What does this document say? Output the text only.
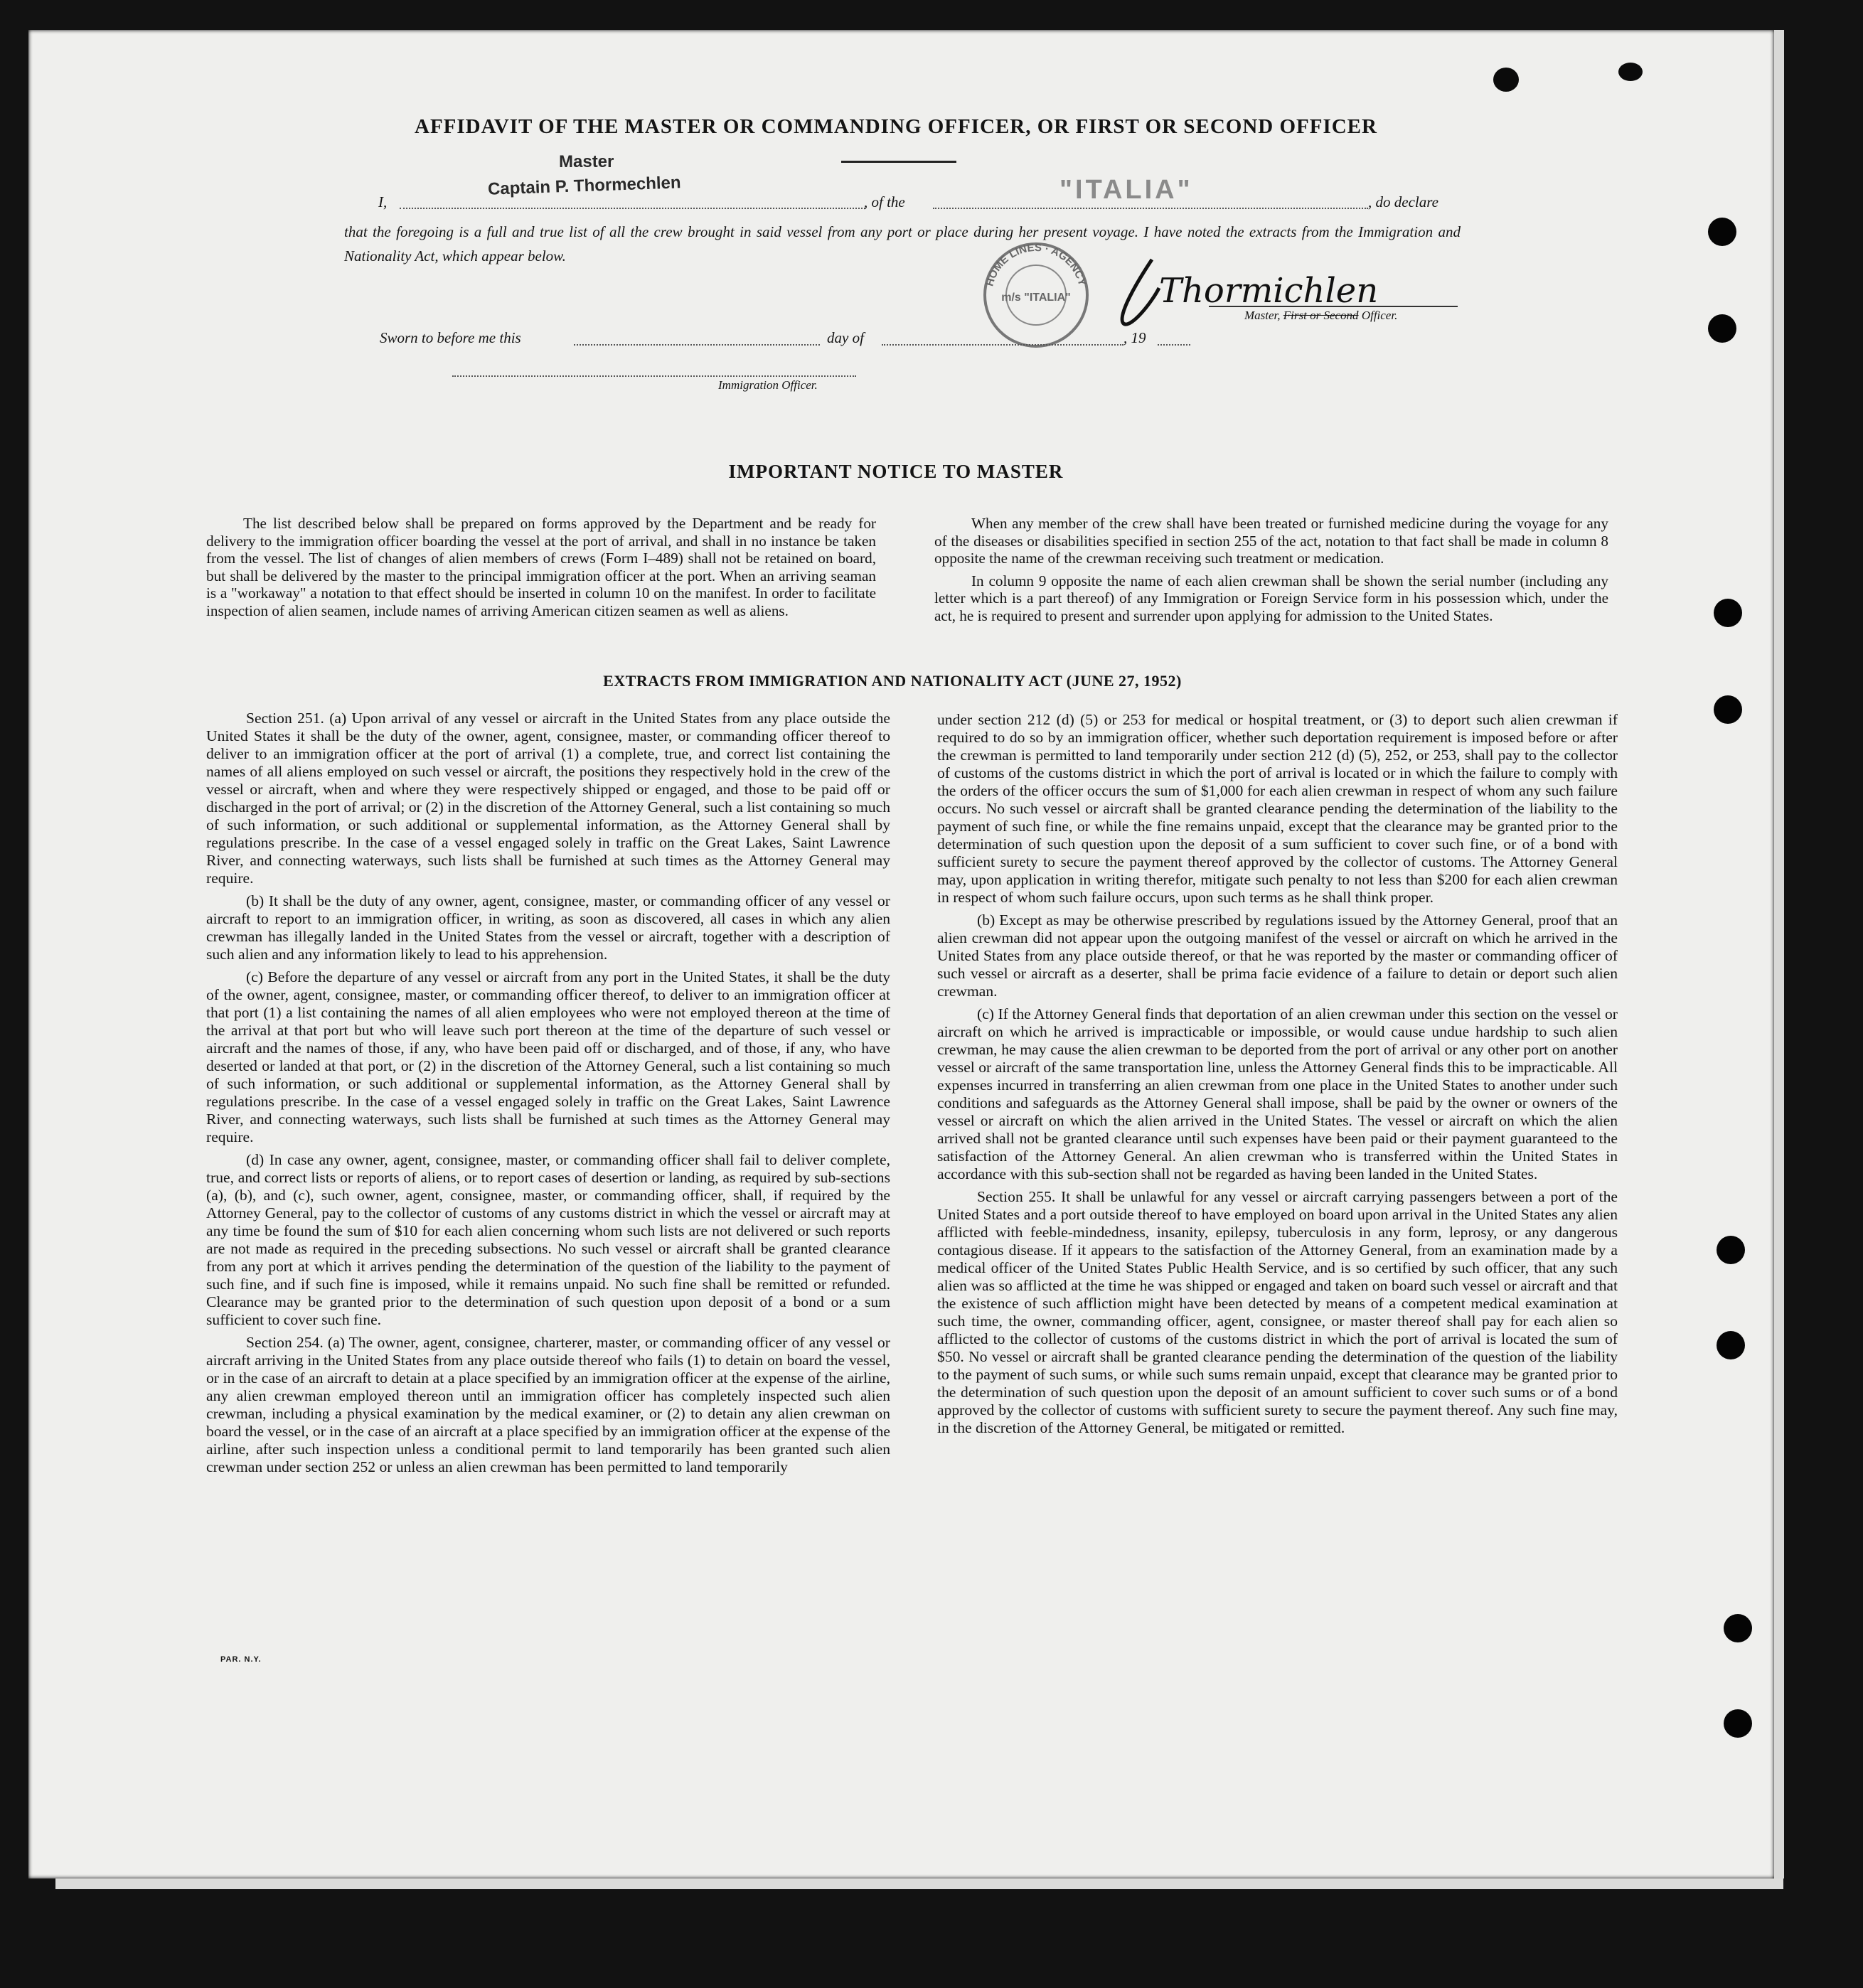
AFFIDAVIT OF THE MASTER OR COMMANDING OFFICER, OR FIRST OR SECOND OFFICER
I,
Master
Captain P. Thormechlen
, of the	"ITALIA"	, do declare
that the foregoing is a full and true list of all the crew brought in said vessel from any port or place during her present voyage. I have noted the extracts from the Immigration and Nationality Act, which appear below.
HOME LINES · AGENCY
m/s "ITALIA"	Thormichlen
Master, First or Second Officer.
Sworn to before me this	day of	, 19
Immigration Officer.
IMPORTANT NOTICE TO MASTER

The list described below shall be prepared on forms approved by the Department and be ready for delivery to the immigration officer boarding the vessel at the port of arrival, and shall in no instance be taken from the vessel. The list of changes of alien members of crews (Form I–489) shall not be retained on board, but shall be delivered by the master to the principal immigration officer at the port. When an arriving seaman is a "workaway" a notation to that effect should be inserted in column 10 on the manifest. In order to facilitate inspection of alien seamen, include names of arriving American citizen seamen as well as aliens.

When any member of the crew shall have been treated or furnished medicine during the voyage for any of the diseases or disabilities specified in section 255 of the act, notation to that fact shall be made in column 8 opposite the name of the crewman receiving such treatment or medication.

In column 9 opposite the name of each alien crewman shall be shown the serial number (including any letter which is a part thereof) of any Immigration or Foreign Service form in his possession which, under the act, he is required to present and surrender upon applying for admission to the United States.

EXTRACTS FROM IMMIGRATION AND NATIONALITY ACT (JUNE 27, 1952)

Section 251. (a) Upon arrival of any vessel or aircraft in the United States from any place outside the United States it shall be the duty of the owner, agent, consignee, master, or commanding officer thereof to deliver to an immigration officer at the port of arrival (1) a complete, true, and correct list containing the names of all aliens employed on such vessel or aircraft, the positions they respectively hold in the crew of the vessel or aircraft, when and where they were respectively shipped or engaged, and those to be paid off or discharged in the port of arrival; or (2) in the discretion of the Attorney General, such a list containing so much of such information, or such additional or supplemental information, as the Attorney General shall by regulations prescribe. In the case of a vessel engaged solely in traffic on the Great Lakes, Saint Lawrence River, and connecting waterways, such lists shall be furnished at such times as the Attorney General may require.

(b) It shall be the duty of any owner, agent, consignee, master, or commanding officer of any vessel or aircraft to report to an immigration officer, in writing, as soon as discovered, all cases in which any alien crewman has illegally landed in the United States from the vessel or aircraft, together with a description of such alien and any information likely to lead to his apprehension.

(c) Before the departure of any vessel or aircraft from any port in the United States, it shall be the duty of the owner, agent, consignee, master, or commanding officer thereof, to deliver to an immigration officer at that port (1) a list containing the names of all alien employees who were not employed thereon at the time of the arrival at that port but who will leave such port thereon at the time of the departure of such vessel or aircraft and the names of those, if any, who have been paid off or discharged, and of those, if any, who have deserted or landed at that port, or (2) in the discretion of the Attorney General, such a list containing so much of such information, or such additional or supplemental information, as the Attorney General shall by regulations prescribe. In the case of a vessel engaged solely in traffic on the Great Lakes, Saint Lawrence River, and connecting waterways, such lists shall be furnished at such times as the Attorney General may require.

(d) In case any owner, agent, consignee, master, or commanding officer shall fail to deliver complete, true, and correct lists or reports of aliens, or to report cases of desertion or landing, as required by sub-sections (a), (b), and (c), such owner, agent, consignee, master, or commanding officer, shall, if required by the Attorney General, pay to the collector of customs of any customs district in which the vessel or aircraft may at any time be found the sum of $10 for each alien concerning whom such lists are not delivered or such reports are not made as required in the preceding subsections. No such vessel or aircraft shall be granted clearance from any port at which it arrives pending the determination of the question of the liability to the payment of such fine, and if such fine is imposed, while it remains unpaid. No such fine shall be remitted or refunded. Clearance may be granted prior to the determination of such question upon deposit of a bond or a sum sufficient to cover such fine.

Section 254. (a) The owner, agent, consignee, charterer, master, or commanding officer of any vessel or aircraft arriving in the United States from any place outside thereof who fails (1) to detain on board the vessel, or in the case of an aircraft to detain at a place specified by an immigration officer at the expense of the airline, any alien crewman employed thereon until an immigration officer has completely inspected such alien crewman, including a physical examination by the medical examiner, or (2) to detain any alien crewman on board the vessel, or in the case of an aircraft at a place specified by an immigration officer at the expense of the airline, after such inspection unless a conditional permit to land temporarily has been granted such alien crewman under section 252 or unless an alien crewman has been permitted to land temporarily

under section 212 (d) (5) or 253 for medical or hospital treatment, or (3) to deport such alien crewman if required to do so by an immigration officer, whether such deportation requirement is imposed before or after the crewman is permitted to land temporarily under section 212 (d) (5), 252, or 253, shall pay to the collector of customs of the customs district in which the port of arrival is located or in which the failure to comply with the orders of the officer occurs the sum of $1,000 for each alien crewman in respect of whom any such failure occurs. No such vessel or aircraft shall be granted clearance pending the determination of the liability to the payment of such fine, or while the fine remains unpaid, except that the clearance may be granted prior to the determination of such question upon the deposit of a sum sufficient to cover such fine, or of a bond with sufficient surety to secure the payment thereof approved by the collector of customs. The Attorney General may, upon application in writing therefor, mitigate such penalty to not less than $200 for each alien crewman in respect of whom such failure occurs, upon such terms as he shall think proper.

(b) Except as may be otherwise prescribed by regulations issued by the Attorney General, proof that an alien crewman did not appear upon the outgoing manifest of the vessel or aircraft on which he arrived in the United States from any place outside thereof, or that he was reported by the master or commanding officer of such vessel or aircraft as a deserter, shall be prima facie evidence of a failure to detain or deport such alien crewman.

(c) If the Attorney General finds that deportation of an alien crewman under this section on the vessel or aircraft on which he arrived is impracticable or impossible, or would cause undue hardship to such alien crewman, he may cause the alien crewman to be deported from the port of arrival or any other port on another vessel or aircraft of the same transportation line, unless the Attorney General finds this to be impracticable. All expenses incurred in transferring an alien crewman from one place in the United States to another under such conditions and safeguards as the Attorney General shall impose, shall be paid by the owner or owners of the vessel or aircraft on which the alien arrived in the United States. The vessel or aircraft on which the alien arrived shall not be granted clearance until such expenses have been paid or their payment guaranteed to the satisfaction of the Attorney General. An alien crewman who is transferred within the United States in accordance with this sub-section shall not be regarded as having been landed in the United States.

Section 255. It shall be unlawful for any vessel or aircraft carrying passengers between a port of the United States and a port outside thereof to have employed on board upon arrival in the United States any alien afflicted with feeble-mindedness, insanity, epilepsy, tuberculosis in any form, leprosy, or any dangerous contagious disease. If it appears to the satisfaction of the Attorney General, from an examination made by a medical officer of the United States Public Health Service, and is so certified by such officer, that any such alien was so afflicted at the time he was shipped or engaged and taken on board such vessel or aircraft and that the existence of such affliction might have been detected by means of a competent medical examination at such time, the owner, commanding officer, agent, consignee, or master thereof shall pay for each alien so afflicted to the collector of customs of the customs district in which the port of arrival is located the sum of $50. No vessel or aircraft shall be granted clearance pending the determination of the question of the liability to the payment of such sums, or while such sums remain unpaid, except that clearance may be granted prior to the determination of such question upon the deposit of an amount sufficient to cover such sums or of a bond approved by the collector of customs with sufficient surety to secure the payment thereof. Any such fine may, in the discretion of the Attorney General, be mitigated or remitted.

PAR. N.Y.
